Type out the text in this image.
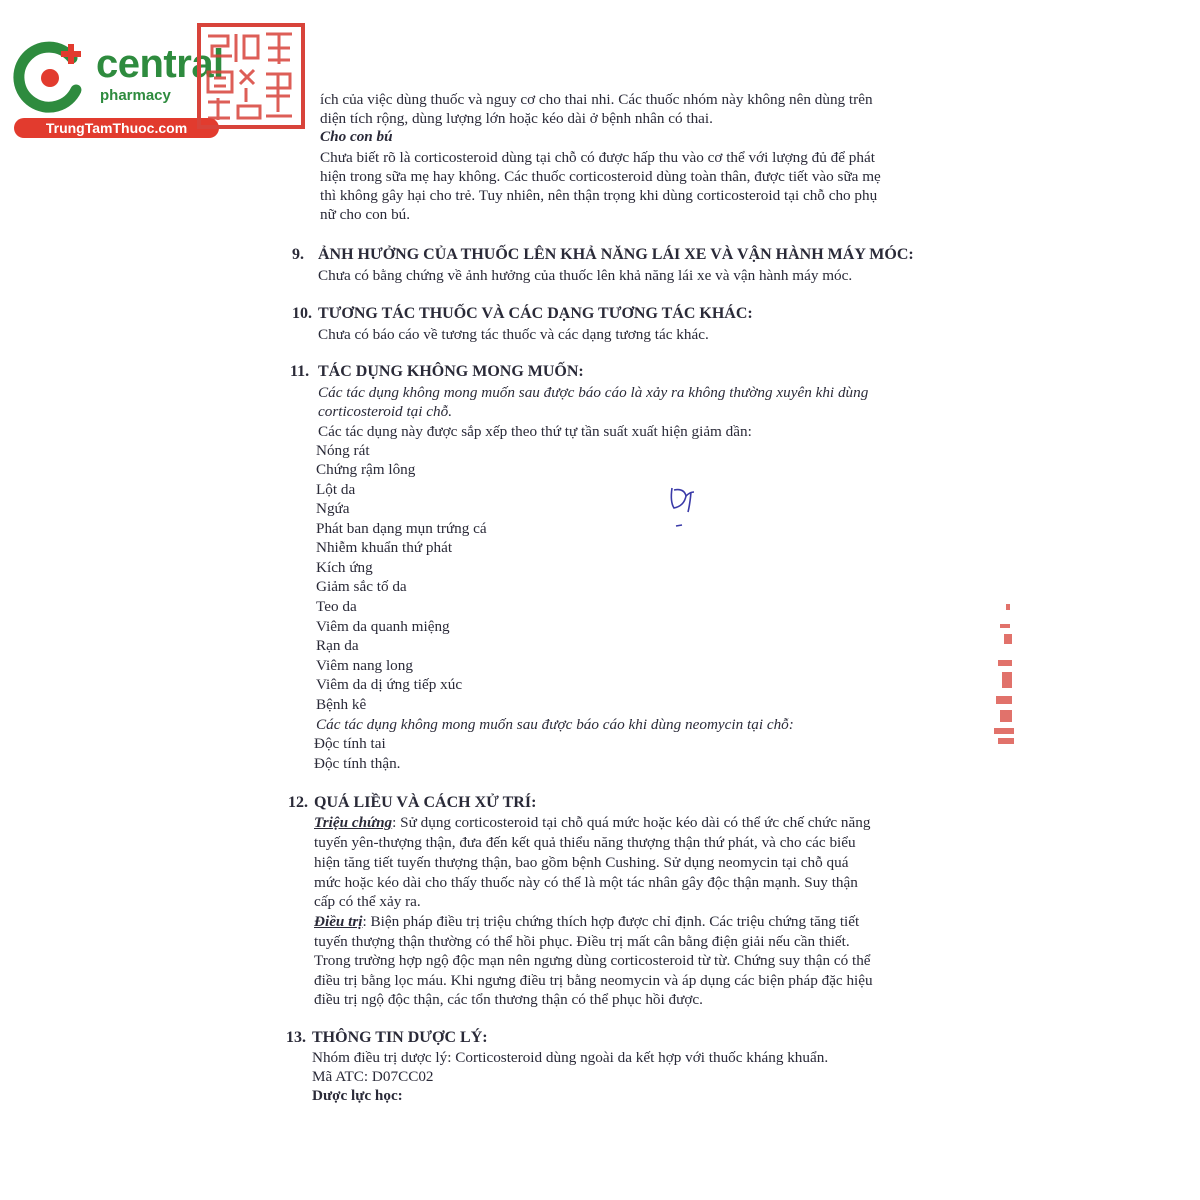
central
pharmacy
TrungTamThuoc.com
ích của việc dùng thuốc và nguy cơ cho thai nhi. Các thuốc nhóm này không nên dùng trên
diện tích rộng, dùng lượng lớn hoặc kéo dài ở bệnh nhân có thai.
Cho con bú
Chưa biết rõ là corticosteroid dùng tại chỗ có được hấp thu vào cơ thể với lượng đủ để phát
hiện trong sữa mẹ hay không. Các thuốc corticosteroid dùng toàn thân, được tiết vào sữa mẹ
thì không gây hại cho trẻ. Tuy nhiên, nên thận trọng khi dùng corticosteroid tại chỗ cho phụ
nữ cho con bú.
9. ẢNH HƯỞNG CỦA THUỐC LÊN KHẢ NĂNG LÁI XE VÀ VẬN HÀNH MÁY MÓC:
Chưa có bằng chứng về ảnh hưởng của thuốc lên khả năng lái xe và vận hành máy móc.
10. TƯƠNG TÁC THUỐC VÀ CÁC DẠNG TƯƠNG TÁC KHÁC:
Chưa có báo cáo về tương tác thuốc và các dạng tương tác khác.
11. TÁC DỤNG KHÔNG MONG MUỐN:
Các tác dụng không mong muốn sau được báo cáo là xảy ra không thường xuyên khi dùng
corticosteroid tại chỗ.
Các tác dụng này được sắp xếp theo thứ tự tần suất xuất hiện giảm dần:
Nóng rát
Chứng rậm lông
Lột da
Ngứa
Phát ban dạng mụn trứng cá
Nhiễm khuẩn thứ phát
Kích ứng
Giảm sắc tố da
Teo da
Viêm da quanh miệng
Rạn da
Viêm nang long
Viêm da dị ứng tiếp xúc
Bệnh kê
Các tác dụng không mong muốn sau được báo cáo khi dùng neomycin tại chỗ:
Độc tính tai
Độc tính thận.
12. QUÁ LIỀU VÀ CÁCH XỬ TRÍ:
Triệu chứng: Sử dụng corticosteroid tại chỗ quá mức hoặc kéo dài có thể ức chế chức năng
tuyến yên-thượng thận, đưa đến kết quả thiểu năng thượng thận thứ phát, và cho các biểu
hiện tăng tiết tuyến thượng thận, bao gồm bệnh Cushing. Sử dụng neomycin tại chỗ quá
mức hoặc kéo dài cho thấy thuốc này có thể là một tác nhân gây độc thận mạnh. Suy thận
cấp có thể xảy ra.
Điều trị: Biện pháp điều trị triệu chứng thích hợp được chỉ định. Các triệu chứng tăng tiết
tuyến thượng thận thường có thể hồi phục. Điều trị mất cân bằng điện giải nếu cần thiết.
Trong trường hợp ngộ độc mạn nên ngưng dùng corticosteroid từ từ. Chứng suy thận có thể
điều trị bằng lọc máu. Khi ngưng điều trị bằng neomycin và áp dụng các biện pháp đặc hiệu
điều trị ngộ độc thận, các tổn thương thận có thể phục hồi được.
13. THÔNG TIN DƯỢC LÝ:
Nhóm điều trị dược lý: Corticosteroid dùng ngoài da kết hợp với thuốc kháng khuẩn.
Mã ATC: D07CC02
Dược lực học:
